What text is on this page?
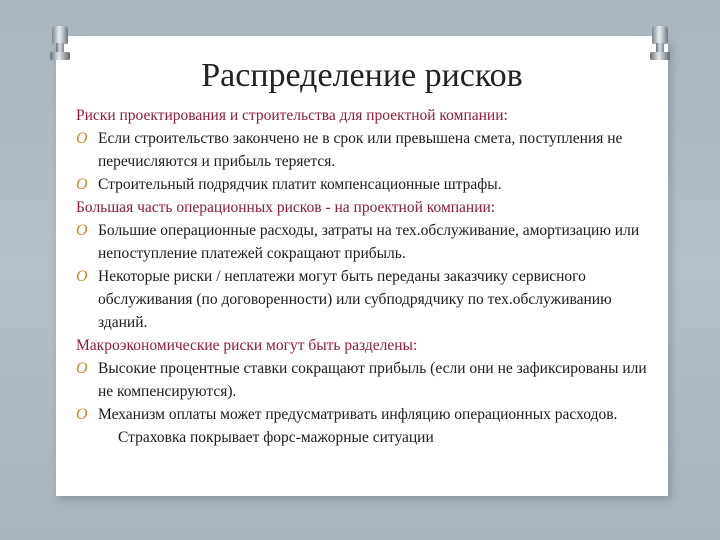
Распределение рисков
Риски проектирования и строительства для проектной компании:
O Если строительство закончено не в срок или превышена смета, поступления не перечисляются и прибыль теряется.
O Строительный подрядчик платит компенсационные штрафы.
Большая часть операционных рисков - на проектной компании:
O Большие операционные расходы, затраты на тех.обслуживание, амортизацию или непоступление платежей сокращают прибыль.
O Некоторые риски / неплатежи могут быть переданы заказчику сервисного обслуживания (по договоренности) или субподрядчику по тех.обслуживанию зданий.
Макроэкономические риски могут быть разделены:
O Высокие процентные ставки сокращают прибыль (если они не зафиксированы или не компенсируются).
O Механизм оплаты может предусматривать инфляцию операционных расходов.
Страховка покрывает форс-мажорные ситуации
